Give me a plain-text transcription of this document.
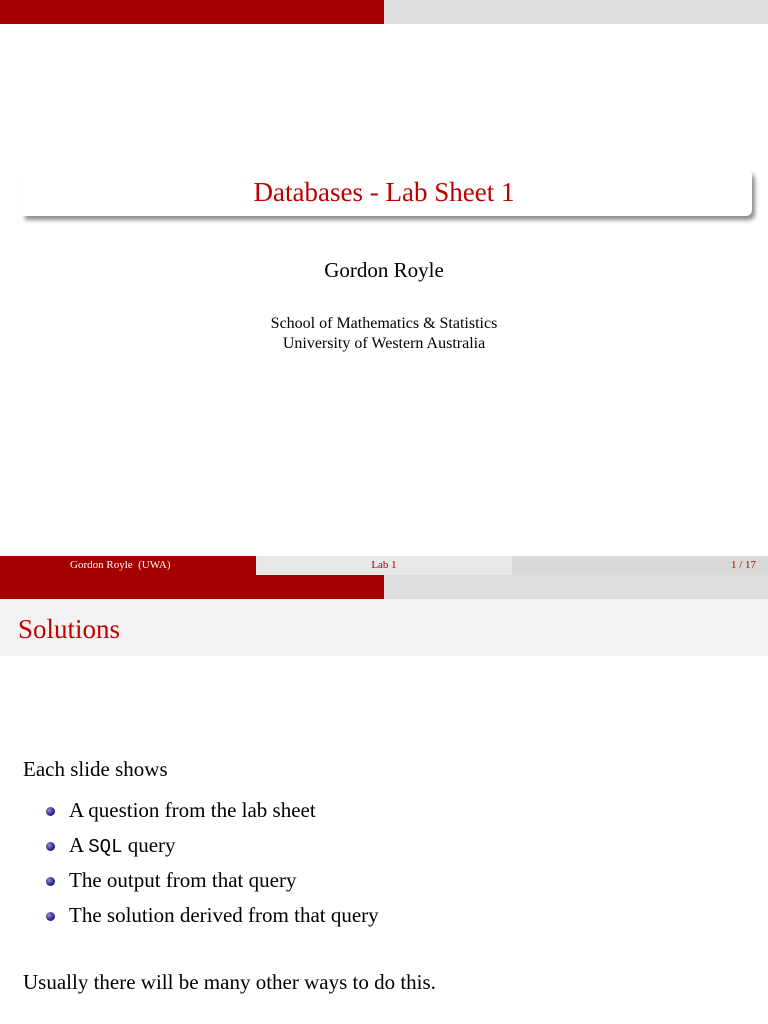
Databases - Lab Sheet 1
Gordon Royle
School of Mathematics & Statistics
University of Western Australia
Gordon Royle  (UWA)	Lab 1	1 / 17
Solutions
Each slide shows
A question from the lab sheet
A SQL query
The output from that query
The solution derived from that query
Usually there will be many other ways to do this.
